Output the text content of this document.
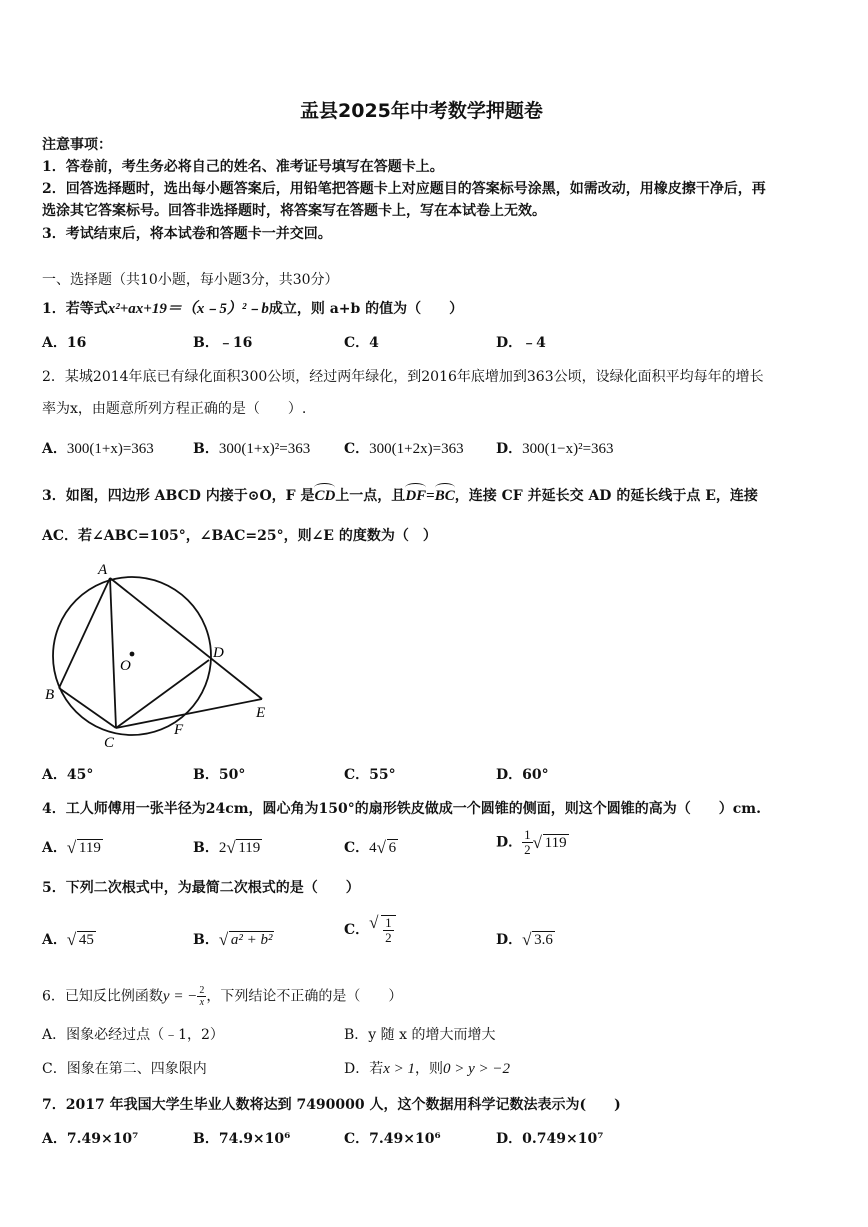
盂县2025年中考数学押题卷
注意事项：
1．答卷前，考生务必将自己的姓名、准考证号填写在答题卡上。
2．回答选择题时，选出每小题答案后，用铅笔把答题卡上对应题目的答案标号涂黑，如需改动，用橡皮擦干净后，再
选涂其它答案标号。回答非选择题时，将答案写在答题卡上，写在本试卷上无效。
3．考试结束后，将本试卷和答题卡一并交回。
一、选择题（共10小题，每小题3分，共30分）
1．若等式x²+ax+19＝（x﹣5）²﹣b成立，则 a+b 的值为（　　）
A．16	B．﹣16	C．4	D．﹣4
2．某城2014年底已有绿化面积300公顷，经过两年绿化，到2016年底增加到363公顷，设绿化面积平均每年的增长
率为x，由题意所列方程正确的是（　　）.
A．300(1+x)=363	B．300(1+x)²=363 C．300(1+2x)=363 D．300(1−x)²=363
3．如图，四边形 ABCD 内接于⊙O，F 是CD上一点，且DF=BC，连接 CF 并延长交 AD 的延长线于点 E，连接
AC．若∠ABC=105°，∠BAC=25°，则∠E 的度数为（　）
A
B
C
D
E
F
O
A．45°	B．50°	C．55°	D．60°
4．工人师傅用一张半径为24cm，圆心角为150°的扇形铁皮做成一个圆锥的侧面，则这个圆锥的高为（　　）cm.
A． √ 119	B．2 √ 119	C．4 √ 6	D． $\frac{1}{2}$ √ 119
5．下列二次根式中，为最简二次根式的是（　　）
A． √ 45	B． √ a² + b²
C． √ $\frac{1}{2}$	D． √ 3.6
6．已知反比例函数y = − $\frac{2}{x}$ ，下列结论不正确的是（　　）
A．图象必经过点（﹣1，2）	B．y 随 x 的增大而增大
C．图象在第二、四象限内	D．若x > 1，则0 > y > −2
7．2017 年我国大学生毕业人数将达到 7490000 人，这个数据用科学记数法表示为(　　)
A．7.49×10⁷	B．74.9×10⁶	C．7.49×10⁶	D．0.749×10⁷
